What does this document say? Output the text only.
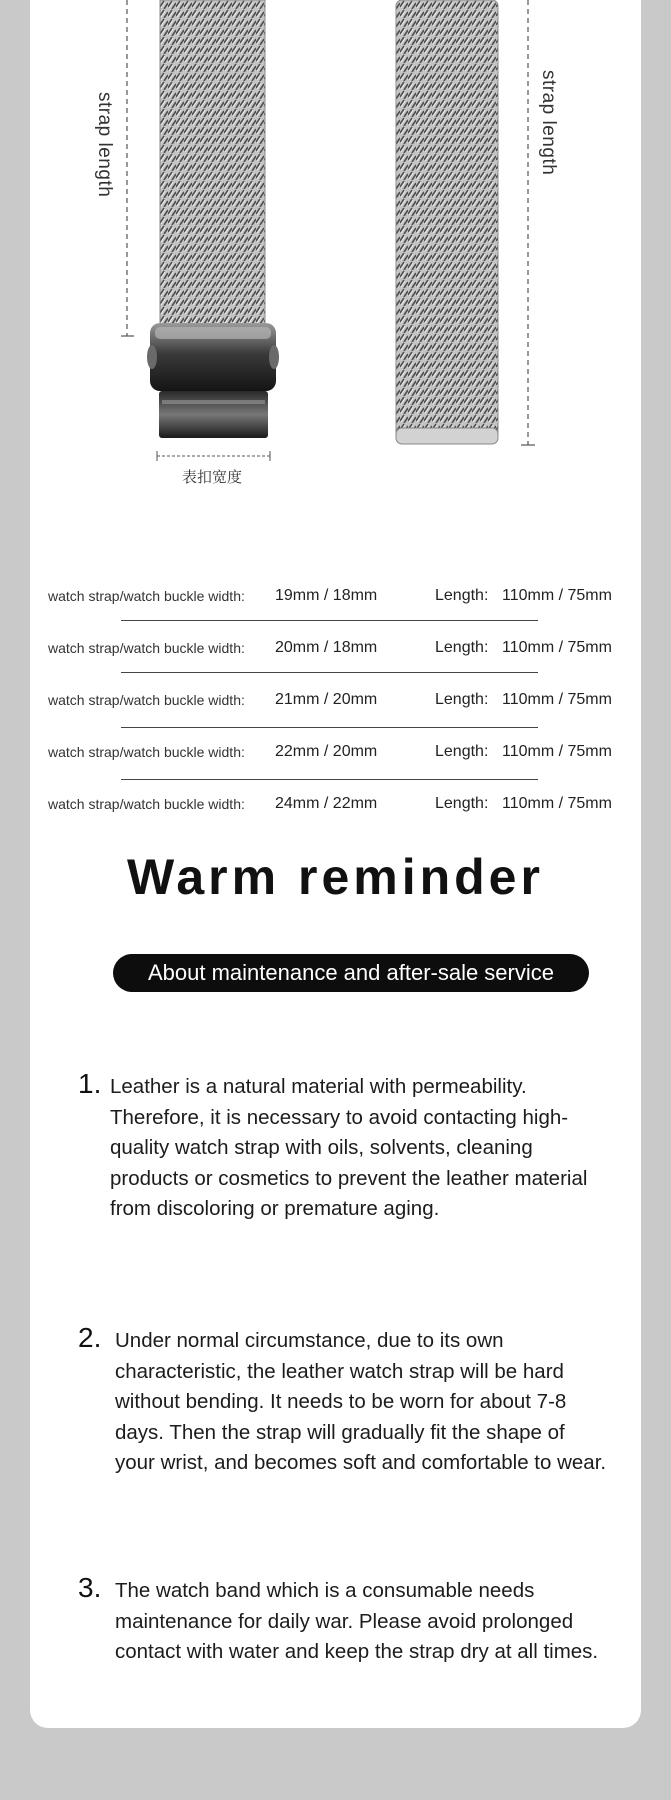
strap length	strap length
表扣宽度
watch strap/watch buckle width: 19mm / 18mm	Length: 110mm / 75mm
watch strap/watch buckle width: 20mm / 18mm	Length: 110mm / 75mm
watch strap/watch buckle width: 21mm / 20mm	Length: 110mm / 75mm
watch strap/watch buckle width: 22mm / 20mm	Length: 110mm / 75mm
watch strap/watch buckle width: 24mm / 22mm	Length: 110mm / 75mm
Warm reminder
About maintenance and after-sale service
1. Leather is a natural material with permeability. Therefore, it is necessary to avoid contacting high-quality watch strap with oils, solvents, cleaning products or cosmetics to prevent the leather material from discoloring or premature aging.
2. Under normal circumstance, due to its own characteristic, the leather watch strap will be hard without bending. It needs to be worn for about 7-8 days. Then the strap will gradually fit the shape of your wrist, and becomes soft and comfortable to wear.
3. The watch band which is a consumable needs maintenance for daily war. Please avoid prolonged contact with water and keep the strap dry at all times.
